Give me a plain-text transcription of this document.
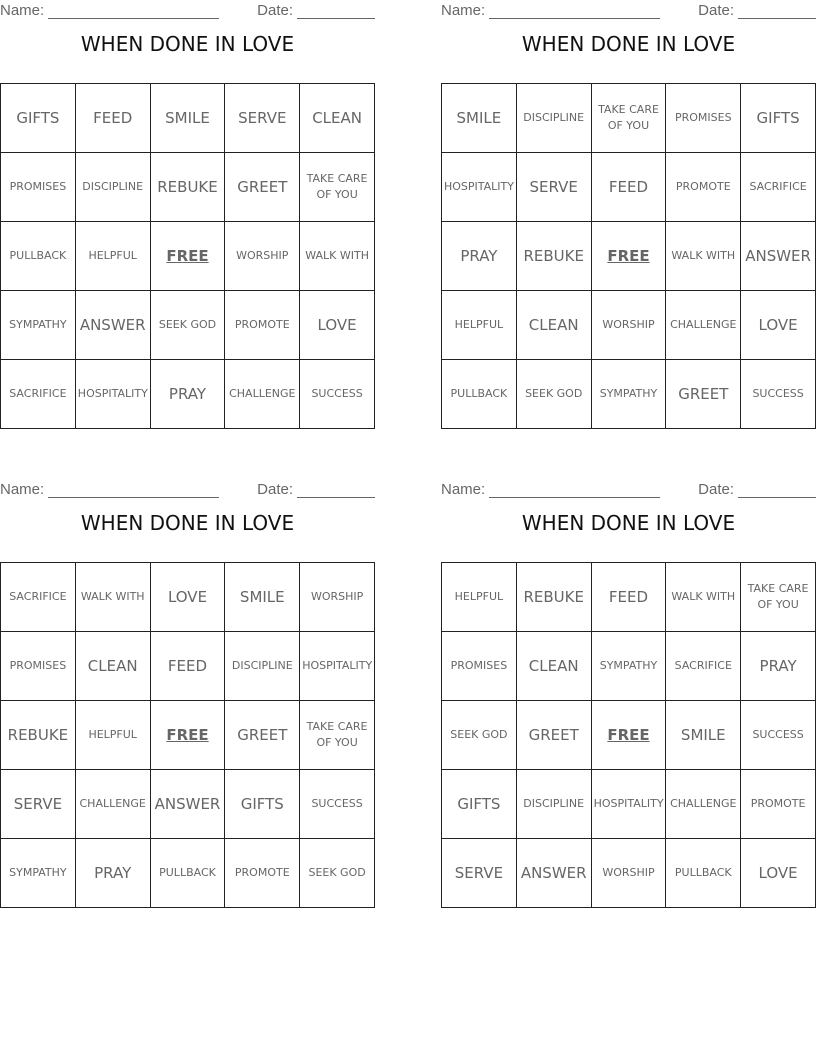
Name:	Date:
WHEN DONE IN LOVE
GIFTS	FEED	SMILE	SERVE	CLEAN
PROMISES	DISCIPLINE	REBUKE	GREET	TAKE CARE OF YOU
PULLBACK	HELPFUL	FREE	WORSHIP	WALK WITH
SYMPATHY	ANSWER	SEEK GOD	PROMOTE	LOVE
SACRIFICE	HOSPITALITY	PRAY	CHALLENGE	SUCCESS
Name:	Date:
WHEN DONE IN LOVE
SMILE	DISCIPLINE	TAKE CARE OF YOU	PROMISES	GIFTS
HOSPITALITY	SERVE	FEED	PROMOTE	SACRIFICE
PRAY	REBUKE	FREE	WALK WITH	ANSWER
HELPFUL	CLEAN	WORSHIP	CHALLENGE	LOVE
PULLBACK	SEEK GOD	SYMPATHY	GREET	SUCCESS
Name:	Date:
WHEN DONE IN LOVE
SACRIFICE	WALK WITH	LOVE	SMILE	WORSHIP
PROMISES	CLEAN	FEED	DISCIPLINE	HOSPITALITY
REBUKE	HELPFUL	FREE	GREET	TAKE CARE OF YOU
SERVE	CHALLENGE	ANSWER	GIFTS	SUCCESS
SYMPATHY	PRAY	PULLBACK	PROMOTE	SEEK GOD
Name:	Date:
WHEN DONE IN LOVE
HELPFUL	REBUKE	FEED	WALK WITH	TAKE CARE OF YOU
PROMISES	CLEAN	SYMPATHY	SACRIFICE	PRAY
SEEK GOD	GREET	FREE	SMILE	SUCCESS
GIFTS	DISCIPLINE	HOSPITALITY	CHALLENGE	PROMOTE
SERVE	ANSWER	WORSHIP	PULLBACK	LOVE
